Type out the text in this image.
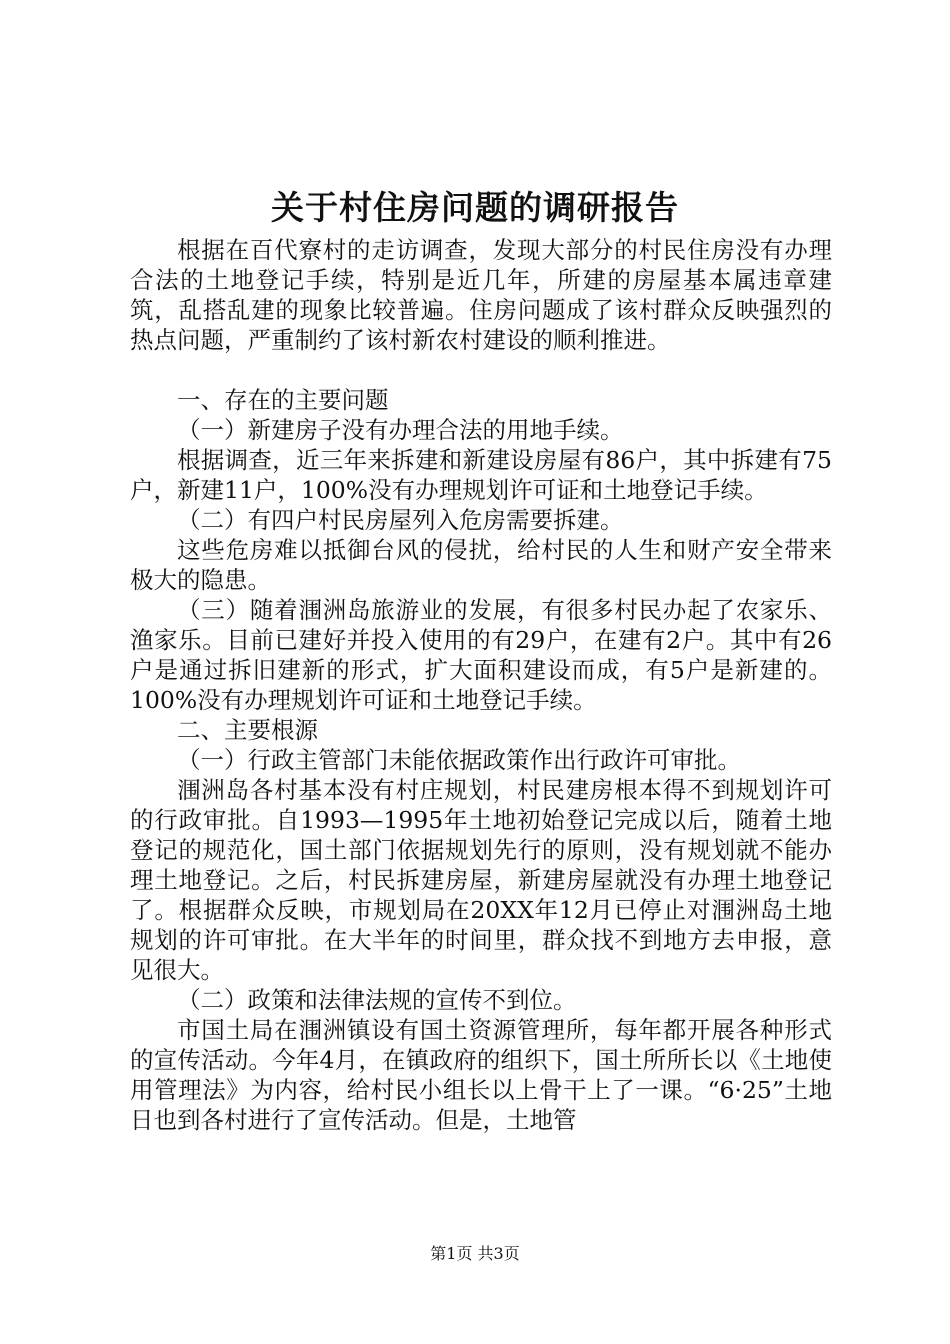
关于村住房问题的调研报告

根据在百代寮村的走访调查，发现大部分的村民住房没有办理合法的土地登记手续，特别是近几年，所建的房屋基本属违章建筑，乱搭乱建的现象比较普遍。住房问题成了该村群众反映强烈的热点问题，严重制约了该村新农村建设的顺利推进。

一、存在的主要问题

（一）新建房子没有办理合法的用地手续。

根据调查，近三年来拆建和新建设房屋有86户，其中拆建有75户，新建11户，100%没有办理规划许可证和土地登记手续。

（二）有四户村民房屋列入危房需要拆建。

这些危房难以抵御台风的侵扰，给村民的人生和财产安全带来极大的隐患。

（三）随着涠洲岛旅游业的发展，有很多村民办起了农家乐、渔家乐。目前已建好并投入使用的有29户，在建有2户。其中有26户是通过拆旧建新的形式，扩大面积建设而成，有5户是新建的。100%没有办理规划许可证和土地登记手续。

二、主要根源

（一）行政主管部门未能依据政策作出行政许可审批。

涠洲岛各村基本没有村庄规划，村民建房根本得不到规划许可的行政审批。自1993—1995年土地初始登记完成以后，随着土地登记的规范化，国土部门依据规划先行的原则，没有规划就不能办理土地登记。之后，村民拆建房屋，新建房屋就没有办理土地登记了。根据群众反映，市规划局在20XX年12月已停止对涠洲岛土地规划的许可审批。在大半年的时间里，群众找不到地方去申报，意见很大。

（二）政策和法律法规的宣传不到位。

市国土局在涠洲镇设有国土资源管理所，每年都开展各种形式的宣传活动。今年4月，在镇政府的组织下，国土所所长以《土地使用管理法》为内容，给村民小组长以上骨干上了一课。“6·25”土地日也到各村进行了宣传活动。但是，土地管

第1页 共3页
